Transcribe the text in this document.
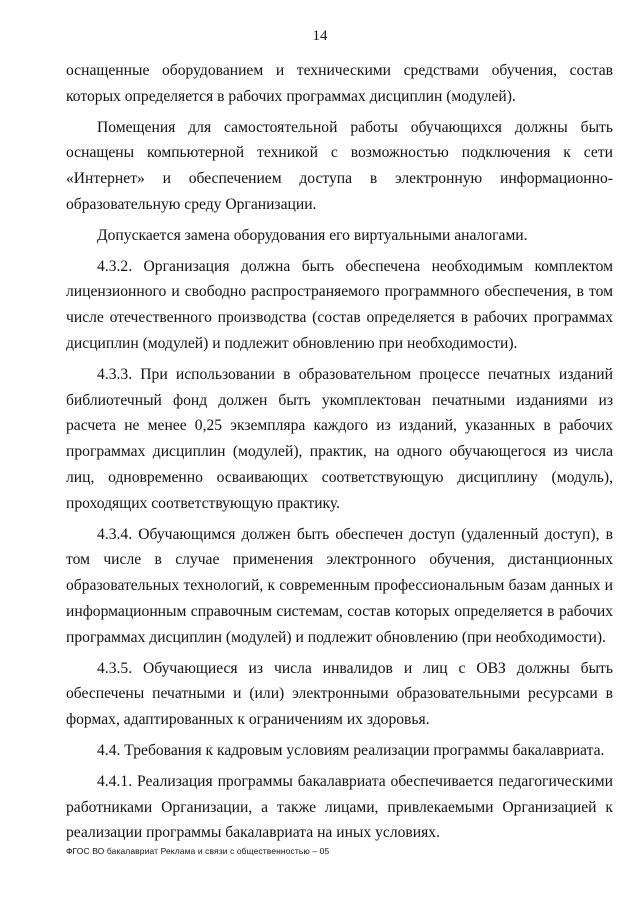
14

оснащенные оборудованием и техническими средствами обучения, состав которых определяется в рабочих программах дисциплин (модулей).

Помещения для самостоятельной работы обучающихся должны быть оснащены компьютерной техникой с возможностью подключения к сети «Интернет» и обеспечением доступа в электронную информационно-образовательную среду Организации.

Допускается замена оборудования его виртуальными аналогами.

4.3.2. Организация должна быть обеспечена необходимым комплектом лицензионного и свободно распространяемого программного обеспечения, в том числе отечественного производства (состав определяется в рабочих программах дисциплин (модулей) и подлежит обновлению при необходимости).

4.3.3. При использовании в образовательном процессе печатных изданий библиотечный фонд должен быть укомплектован печатными изданиями из расчета не менее 0,25 экземпляра каждого из изданий, указанных в рабочих программах дисциплин (модулей), практик, на одного обучающегося из числа лиц, одновременно осваивающих соответствующую дисциплину (модуль), проходящих соответствующую практику.

4.3.4. Обучающимся должен быть обеспечен доступ (удаленный доступ), в том числе в случае применения электронного обучения, дистанционных образовательных технологий, к современным профессиональным базам данных и информационным справочным системам, состав которых определяется в рабочих программах дисциплин (модулей) и подлежит обновлению (при необходимости).

4.3.5. Обучающиеся из числа инвалидов и лиц с ОВЗ должны быть обеспечены печатными и (или) электронными образовательными ресурсами в формах, адаптированных к ограничениям их здоровья.

4.4. Требования к кадровым условиям реализации программы бакалавриата.

4.4.1. Реализация программы бакалавриата обеспечивается педагогическими работниками Организации, а также лицами, привлекаемыми Организацией к реализации программы бакалавриата на иных условиях.

ФГОС ВО бакалавриат Реклама и связи с общественностью – 05
